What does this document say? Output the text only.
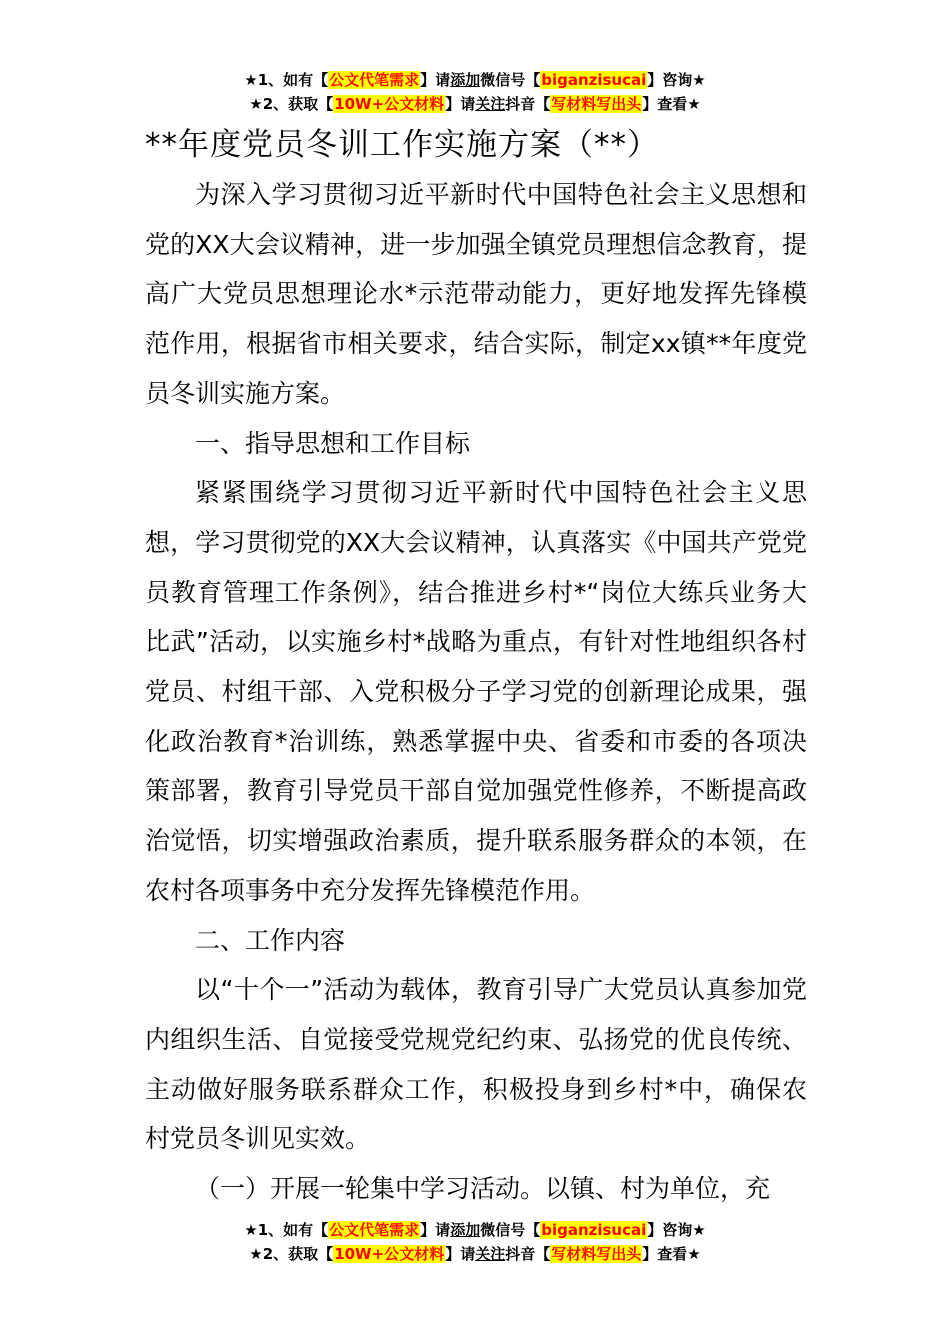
★1、如有【公文代笔需求】请添加微信号【biganzisucai】咨询★
★2、获取【10W+公文材料】请关注抖音【写材料写出头】查看★
**年度党员冬训工作实施方案（**）

为深入学习贯彻习近平新时代中国特色社会主义思想和党的XX大会议精神，进一步加强全镇党员理想信念教育，提高广大党员思想理论水*示范带动能力，更好地发挥先锋模范作用，根据省市相关要求，结合实际，制定xx镇**年度党员冬训实施方案。

一、指导思想和工作目标

紧紧围绕学习贯彻习近平新时代中国特色社会主义思想，学习贯彻党的XX大会议精神，认真落实《中国共产党党员教育管理工作条例》，结合推进乡村*“岗位大练兵业务大比武”活动，以实施乡村*战略为重点，有针对性地组织各村党员、村组干部、入党积极分子学习党的创新理论成果，强化政治教育*治训练，熟悉掌握中央、省委和市委的各项决策部署，教育引导党员干部自觉加强党性修养，不断提高政治觉悟，切实增强政治素质，提升联系服务群众的本领，在农村各项事务中充分发挥先锋模范作用。

二、工作内容

以“十个一”活动为载体，教育引导广大党员认真参加党内组织生活、自觉接受党规党纪约束、弘扬党的优良传统、主动做好服务联系群众工作，积极投身到乡村*中，确保农村党员冬训见实效。

（一）开展一轮集中学习活动。以镇、村为单位，充

★1、如有【公文代笔需求】请添加微信号【biganzisucai】咨询★
★2、获取【10W+公文材料】请关注抖音【写材料写出头】查看★
